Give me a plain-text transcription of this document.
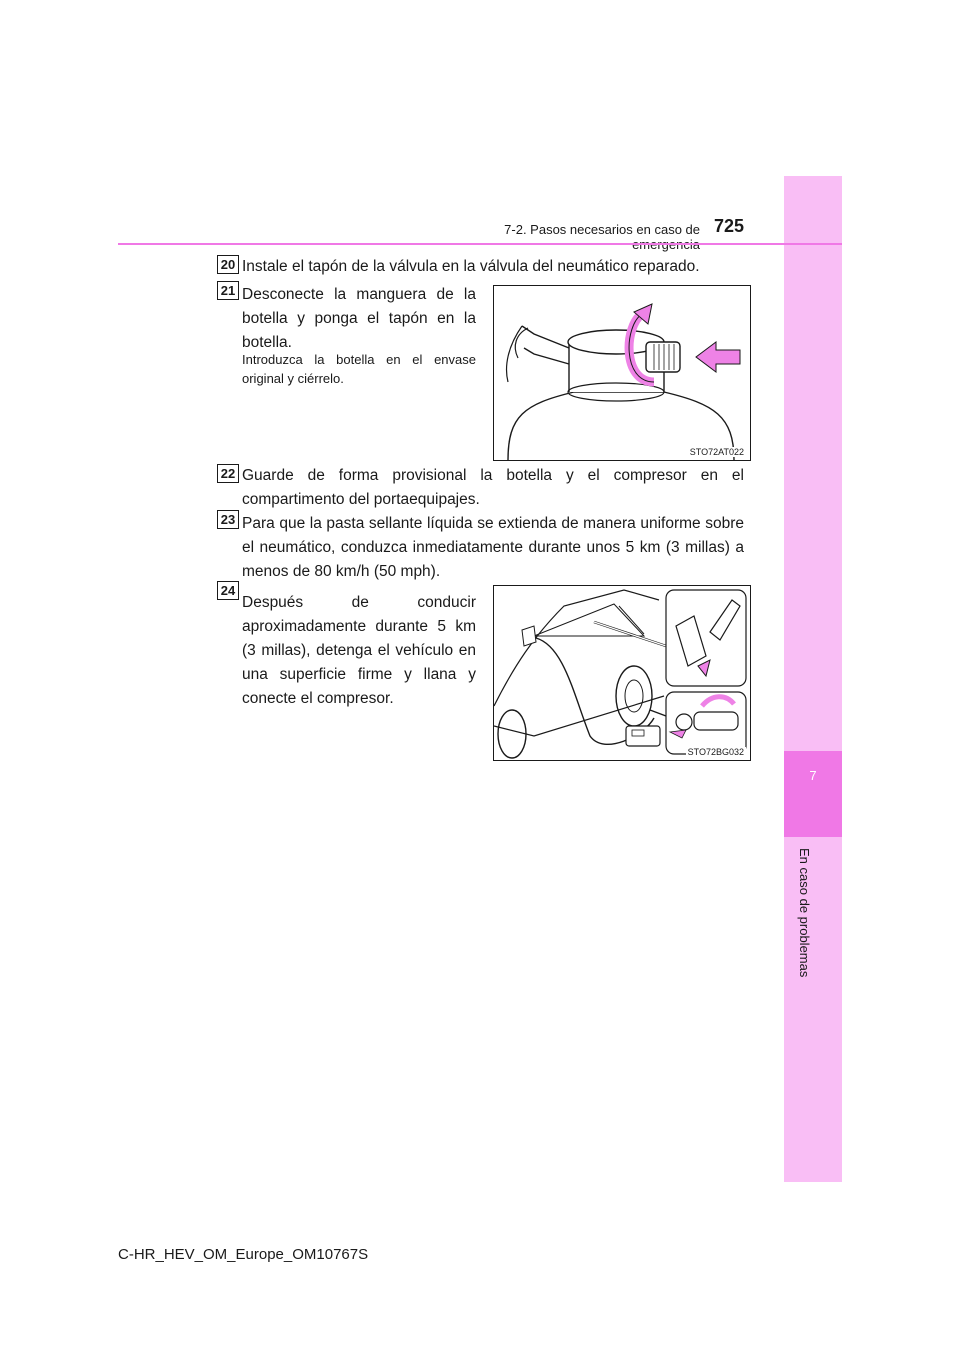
7
En caso de problemas
7-2. Pasos necesarios en caso de 725
20 Instale el tapón de la válvula en la válvula del neumático reparado.
21 Desconecte la manguera de la botella y ponga el tapón en la botella.
Introduzca la botella en el envase original y ciérrelo.
STO72AT022
22 Guarde de forma provisional la botella y el compresor en el compartimento del portaequipajes.
23 Para que la pasta sellante líquida se extienda de manera uniforme sobre el neumático, conduzca inmediatamente durante unos 5 km (3 millas) a menos de 80 km/h (50 mph).
24
Después de conducir aproximadamente durante 5 km (3 millas), detenga el vehículo en una superficie firme y llana y conecte el compresor.
STO72BG032
C-HR_HEV_OM_Europe_OM10767S
